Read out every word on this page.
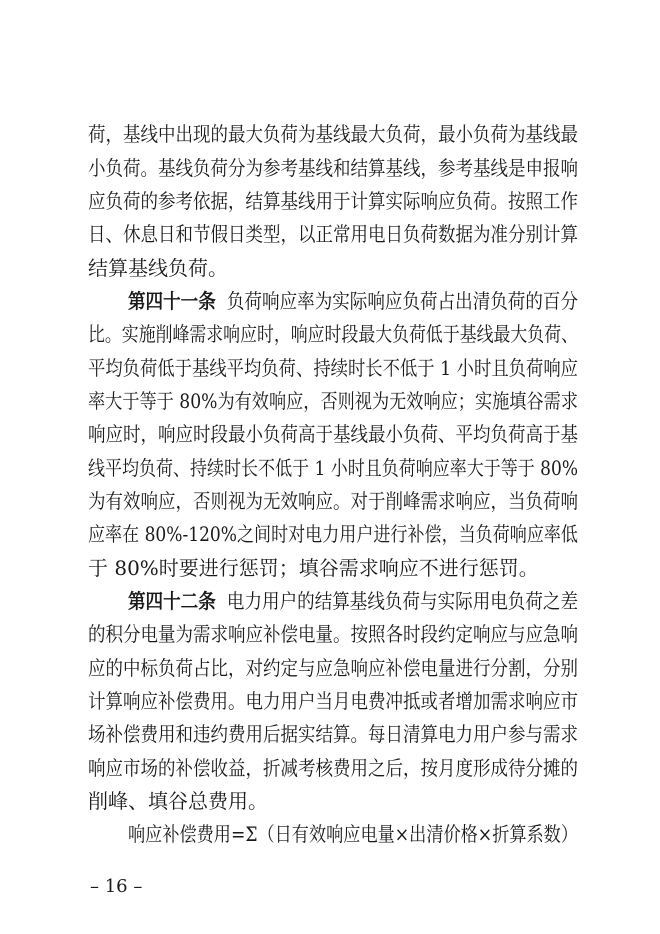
荷，基线中出现的最大负荷为基线最大负荷，最小负荷为基线最

小负荷。基线负荷分为参考基线和结算基线，参考基线是申报响

应负荷的参考依据，结算基线用于计算实际响应负荷。按照工作

日、休息日和节假日类型，以正常用电日负荷数据为准分别计算

结算基线负荷。

第四十一条 负荷响应率为实际响应负荷占出清负荷的百分

比。实施削峰需求响应时，响应时段最大负荷低于基线最大负荷、

平均负荷低于基线平均负荷、持续时长不低于 1 小时且负荷响应

率大于等于 80%为有效响应，否则视为无效响应；实施填谷需求

响应时，响应时段最小负荷高于基线最小负荷、平均负荷高于基

线平均负荷、持续时长不低于 1 小时且负荷响应率大于等于 80%

为有效响应，否则视为无效响应。对于削峰需求响应，当负荷响

应率在 80%-120%之间时对电力用户进行补偿，当负荷响应率低

于 80%时要进行惩罚；填谷需求响应不进行惩罚。

第四十二条 电力用户的结算基线负荷与实际用电负荷之差

的积分电量为需求响应补偿电量。按照各时段约定响应与应急响

应的中标负荷占比，对约定与应急响应补偿电量进行分割，分别

计算响应补偿费用。电力用户当月电费冲抵或者增加需求响应市

场补偿费用和违约费用后据实结算。每日清算电力用户参与需求

响应市场的补偿收益，折减考核费用之后，按月度形成待分摊的

削峰、填谷总费用。

响应补偿费用=Σ（日有效响应电量×出清价格×折算系数）

– 16 –
